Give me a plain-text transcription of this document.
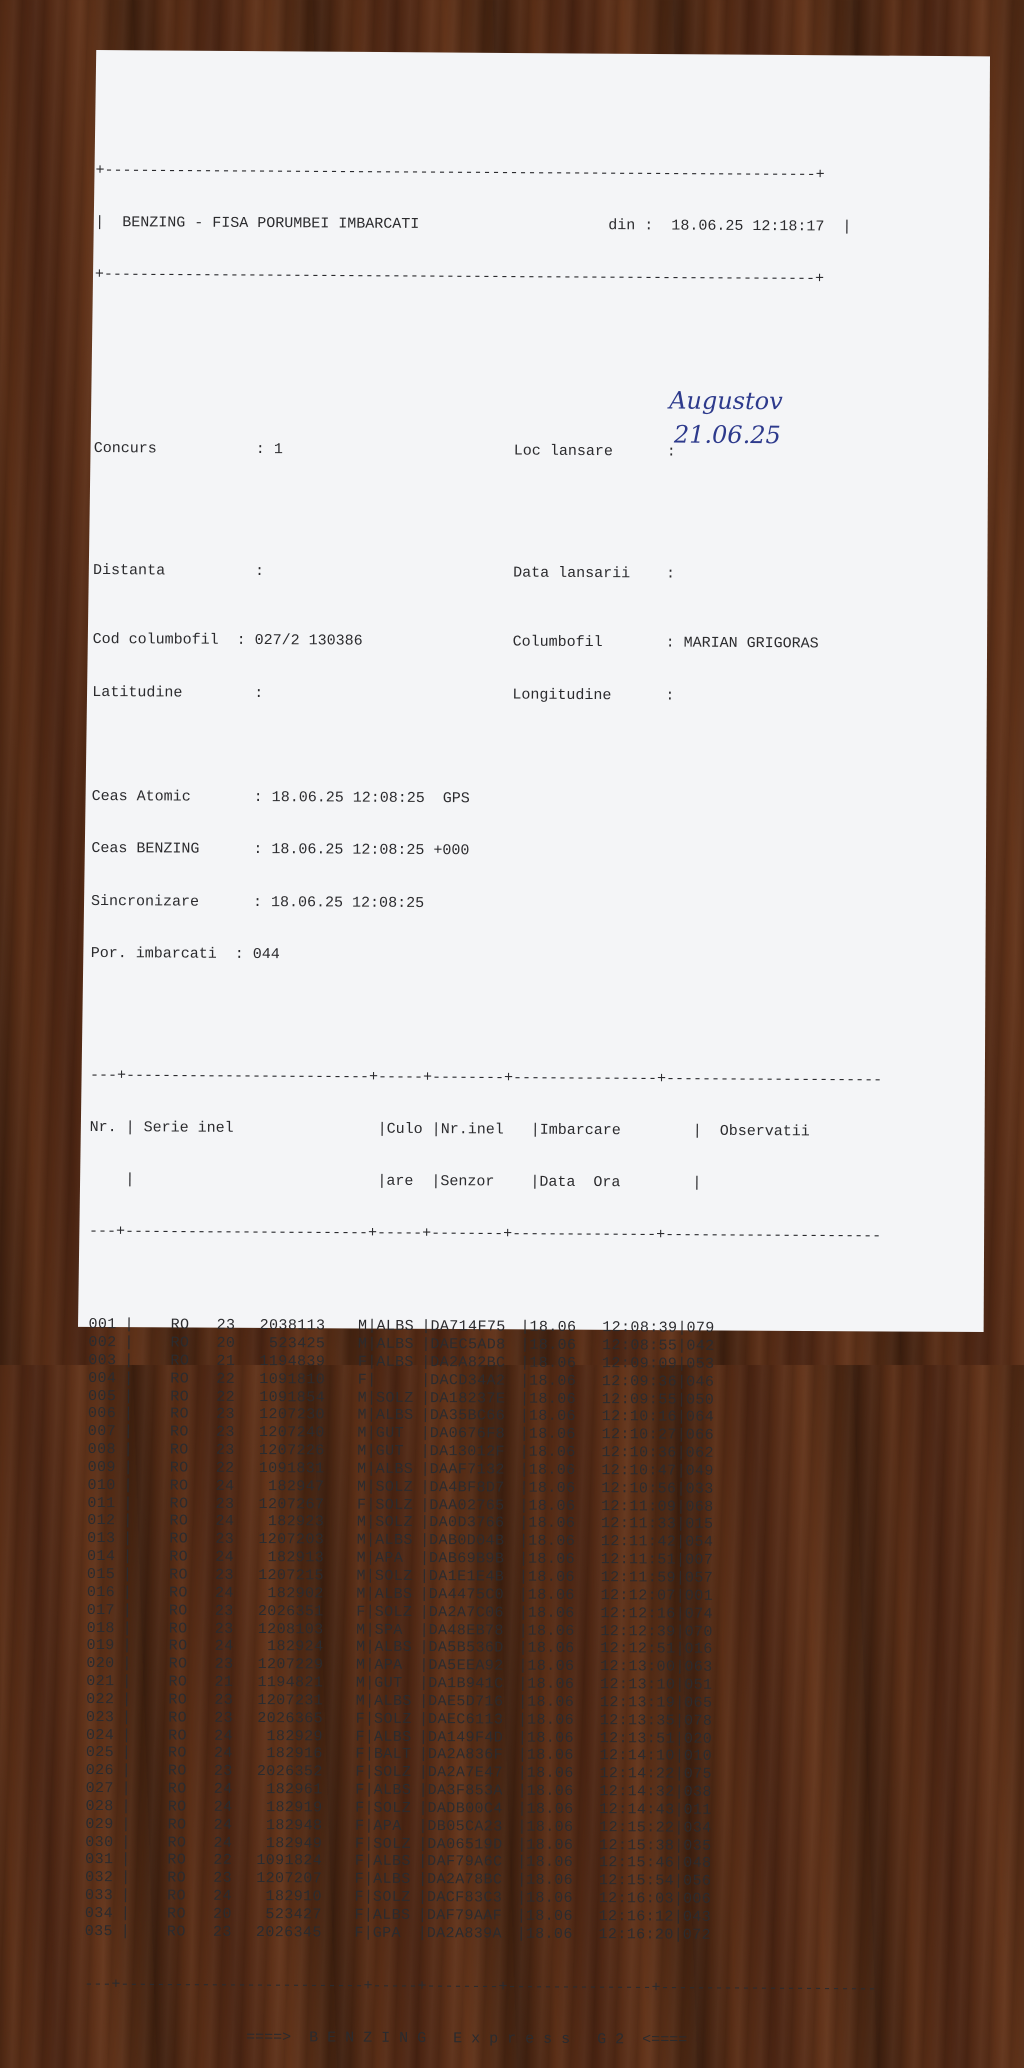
+-------------------------------------------------------------------------------+

|  BENZING - FISA PORUMBEI IMBARCATI	din : 18.06.25 12:18:17  |

+-------------------------------------------------------------------------------+

Concurs	: 1	Loc lansare	:

Augustov

Distanta	:	Data lansarii :

21.06.25

Cod columbofil : 027/2 130386	Columbofil	: MARIAN GRIGORAS

Latitudine	:	Longitudine	:

Ceas Atomic	: 18.06.25 12:08:25  GPS

Ceas BENZING  : 18.06.25 12:08:25 +000

Sincronizare  : 18.06.25 12:08:25

Por. imbarcati : 044

---+---------------------------+-----+--------+----------------+------------------------

Nr. | Serie inel	|Culo |Nr.inel |Imbarcare	|  Observatii

|	|are |Senzor |Data  Ora	|

---+---------------------------+-----+--------+----------------+------------------------

001 | RO 23 2038113 M|ALBS |DA714F75 |18.06 12:08:39|079
002 | RO 20 523425 M|ALBS |DAEC5AD8 |18.06 12:08:55|042
003 | RO 21 1194839 F|ALBS |DA2A82BC |18.06 12:09:09|053
004 | RO 22 1091810 F|	|DACD34A2 |18.06 12:09:36|046
005 | RO 22 1091854 M|SOLZ |DA18237E |18.06 12:09:55|050
006 | RO 23 1207230 M|ALBS |DA35BC66 |18.06 12:10:16|064
007 | RO 23 1207240 M|GUT |DA0676F8 |18.06 12:10:27|066
008 | RO 23 1207226 M|GUT |DA13012F |18.06 12:10:36|062
009 | RO 22 1091831 M|ALBS |DAAF7132 |18.06 12:10:47|049
010 | RO 24 182947 M|SOLZ |DA4BF8D7 |18.06 12:10:56|033
011 | RO 23 1207267 F|SOLZ |DAA02765 |18.06 12:11:09|068
012 | RO 24 182923 M|SOLZ |DA0D3766 |18.06 12:11:33|015
013 | RO 23 1207203 M|ALBS |DAB0D04B |18.06 12:11:42|054
014 | RO 24 182913 M|APA |DAB69B9B |18.06 12:11:51|007
015 | RO 23 1207215 M|SOLZ |DA1E1E4B |18.06 12:11:59|057
016 | RO 24 182902 M|ALBS |DA4475C0 |18.06 12:12:07|001
017 | RO 23 2026351 F|SOLZ |DA2A7C06 |18.06 12:12:16|074
018 | RO 23 1208103 M|SPA |DA48EB78 |18.06 12:12:39|070
019 | RO 24 182924 M|ALBS |DA5B536D |18.06 12:12:51|016
020 | RO 23 1207229 M|APA |DA5EEA92 |18.06 12:13:00|063
021 | RO 21 1194821 M|GUT |DA1B941C |18.06 12:13:10|051
022 | RO 23 1207231 M|ALBS |DAE5D716 |18.06 12:13:19|065
023 | RO 23 2026365 F|SOLZ |DAEC6113 |18.06 12:13:35|078
024 | RO 24 182929 F|ALBS |DA149F4D |18.06 12:13:51|020
025 | RO 24 182916 F|BALT |DA2A836F |18.06 12:14:10|010
026 | RO 23 2026352 F|SOLZ |DA2A7E47 |18.06 12:14:22|075
027 | RO 24 182961 F|ALBS |DA3F853A |18.06 12:14:32|038
028 | RO 24 182919 F|SOLZ |DADB00C4 |18.06 12:14:43|011
029 | RO 24 182948 F|APA |DB05CA23 |18.06 12:15:22|034
030 | RO 24 182949 F|SOLZ |DA06519D |18.06 12:15:38|035
031 | RO 22 1091824 F|ALBS |DAF79A6C |18.06 12:15:46|048
032 | RO 23 1207207 F|ALBS |DA2A78BC |18.06 12:15:54|056
033 | RO 24 182910 F|SOLZ |DACF83C3 |18.06 12:16:03|006
034 | RO 20 523427 F|ALBS |DAF79AAF |18.06 12:16:12|043
035 | RO 23 2026345 F|GPA |DA2A839A |18.06 12:16:20|072

---+---------------------------+-----+--------+----------------+------------------------

====>  B E N Z I N G   E x p r e s s   G 2  <====
